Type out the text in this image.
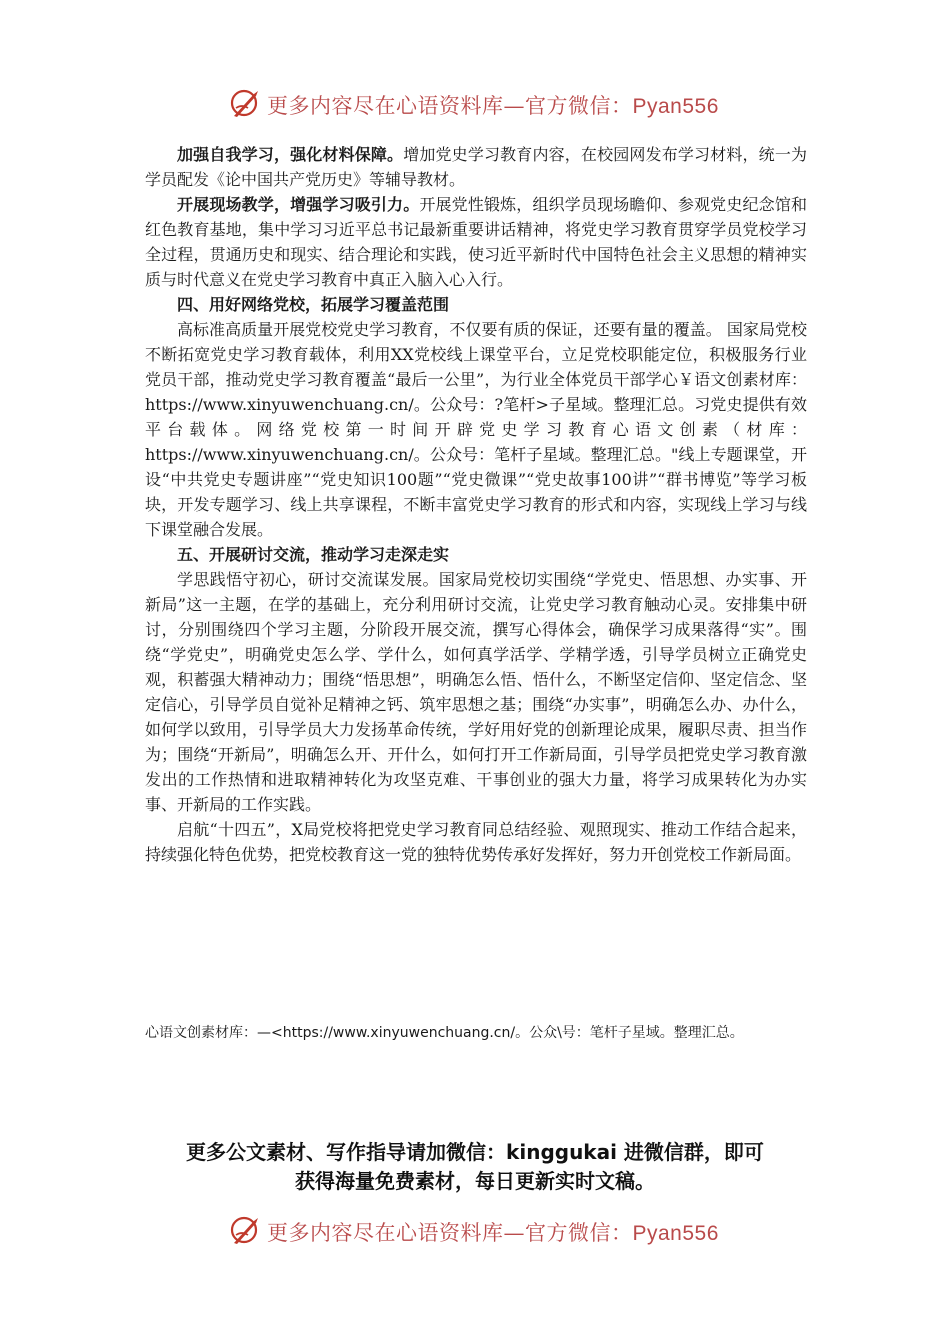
更多内容尽在心语资料库—官方微信：Pyan556

加强自我学习，强化材料保障。增加党史学习教育内容，在校园网发布学习材料，统一为学员配发《论中国共产党历史》等辅导教材。

开展现场教学，增强学习吸引力。开展党性锻炼，组织学员现场瞻仰、参观党史纪念馆和红色教育基地，集中学习习近平总书记最新重要讲话精神，将党史学习教育贯穿学员党校学习全过程，贯通历史和现实、结合理论和实践，使习近平新时代中国特色社会主义思想的精神实质与时代意义在党史学习教育中真正入脑入心入行。

四、用好网络党校，拓展学习覆盖范围

高标准高质量开展党校党史学习教育，不仅要有质的保证，还要有量的覆盖。 国家局党校不断拓宽党史学习教育载体，利用XX党校线上课堂平台，立足党校职能定位，积极服务行业党员干部，推动党史学习教育覆盖“最后一公里”，为行业全体党员干部学心￥语文创素材库：https://www.xinyuwenchuang.cn/。公众号：?笔杆>子星域。整理汇总。习党史提供有效平台载体。网络党校第一时间开辟党史学习教育心语文创素（材库：https://www.xinyuwenchuang.cn/。公众号：笔杆子星域。整理汇总。"线上专题课堂，开设“中共党史专题讲座”“党史知识100题”“党史微课”“党史故事100讲”“群书博览”等学习板块，开发专题学习、线上共享课程，不断丰富党史学习教育的形式和内容，实现线上学习与线下课堂融合发展。

五、开展研讨交流，推动学习走深走实

学思践悟守初心，研讨交流谋发展。国家局党校切实围绕“学党史、悟思想、办实事、开新局”这一主题，在学的基础上，充分利用研讨交流，让党史学习教育触动心灵。安排集中研讨，分别围绕四个学习主题，分阶段开展交流，撰写心得体会，确保学习成果落得“实”。围绕“学党史”，明确党史怎么学、学什么，如何真学活学、学精学透，引导学员树立正确党史观，积蓄强大精神动力；围绕“悟思想”，明确怎么悟、悟什么，不断坚定信仰、坚定信念、坚定信心，引导学员自觉补足精神之钙、筑牢思想之基；围绕“办实事”，明确怎么办、办什么，如何学以致用，引导学员大力发扬革命传统，学好用好党的创新理论成果，履职尽责、担当作为；围绕“开新局”，明确怎么开、开什么，如何打开工作新局面，引导学员把党史学习教育激发出的工作热情和进取精神转化为攻坚克难、干事创业的强大力量，将学习成果转化为办实事、开新局的工作实践。

启航“十四五”，X局党校将把党史学习教育同总结经验、观照现实、推动工作结合起来，持续强化特色优势，把党校教育这一党的独特优势传承好发挥好，努力开创党校工作新局面。

心语文创素材库：—<https://www.xinyuwenchuang.cn/。公众\号：笔杆子星域。整理汇总。
更多公文素材、写作指导请加微信：kinggukai 进微信群，即可
获得海量免费素材，每日更新实时文稿。
更多内容尽在心语资料库—官方微信：Pyan556
